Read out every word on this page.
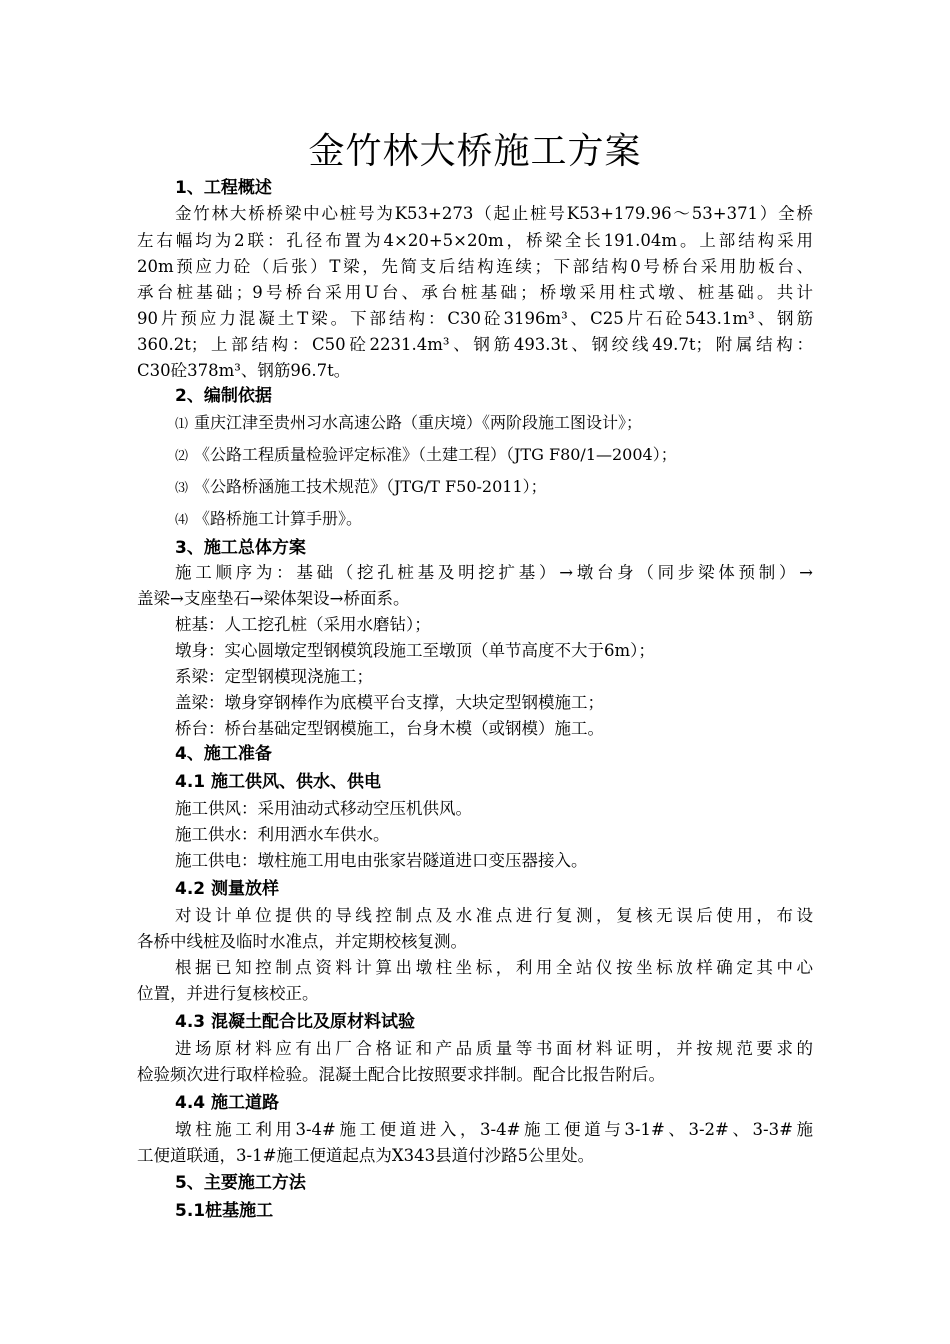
金竹林大桥施工方案
1、工程概述
金竹林大桥桥梁中心桩号为K53+273（起止桩号K53+179.96～53+371）全桥
左右幅均为2联：孔径布置为4×20+5×20m，桥梁全长191.04m。上部结构采用
20m预应力砼（后张）T梁，先简支后结构连续；下部结构0号桥台采用肋板台、
承台桩基础；9号桥台采用U台、承台桩基础；桥墩采用柱式墩、桩基础。共计
90片预应力混凝土T梁。下部结构：C30砼3196m³、C25片石砼543.1m³、钢筋
360.2t；上部结构：C50砼2231.4m³、钢筋493.3t、钢绞线49.7t；附属结构：
C30砼378m³、钢筋96.7t。
2、编制依据
⑴ 重庆江津至贵州习水高速公路（重庆境）《两阶段施工图设计》；
⑵ 《公路工程质量检验评定标准》（土建工程）（JTG F80/1—2004）；
⑶ 《公路桥涵施工技术规范》（JTG/T F50-2011）；
⑷ 《路桥施工计算手册》。
3、施工总体方案
施工顺序为：基础（挖孔桩基及明挖扩基）→墩台身（同步梁体预制）→
盖梁→支座垫石→梁体架设→桥面系。
桩基：人工挖孔桩（采用水磨钻）；
墩身：实心圆墩定型钢模筑段施工至墩顶（单节高度不大于6m）；
系梁：定型钢模现浇施工；
盖梁：墩身穿钢棒作为底模平台支撑，大块定型钢模施工；
桥台：桥台基础定型钢模施工，台身木模（或钢模）施工。
4、施工准备
4.1 施工供风、供水、供电
施工供风：采用油动式移动空压机供风。
施工供水：利用洒水车供水。
施工供电：墩柱施工用电由张家岩隧道进口变压器接入。
4.2 测量放样
对设计单位提供的导线控制点及水准点进行复测，复核无误后使用，布设
各桥中线桩及临时水准点，并定期校核复测。
根据已知控制点资料计算出墩柱坐标，利用全站仪按坐标放样确定其中心
位置，并进行复核校正。
4.3 混凝土配合比及原材料试验
进场原材料应有出厂合格证和产品质量等书面材料证明，并按规范要求的
检验频次进行取样检验。混凝土配合比按照要求拌制。配合比报告附后。
4.4 施工道路
墩柱施工利用3-4#施工便道进入，3-4#施工便道与3-1#、3-2#、3-3#施
工便道联通，3-1#施工便道起点为X343县道付沙路5公里处。
5、主要施工方法
5.1桩基施工
